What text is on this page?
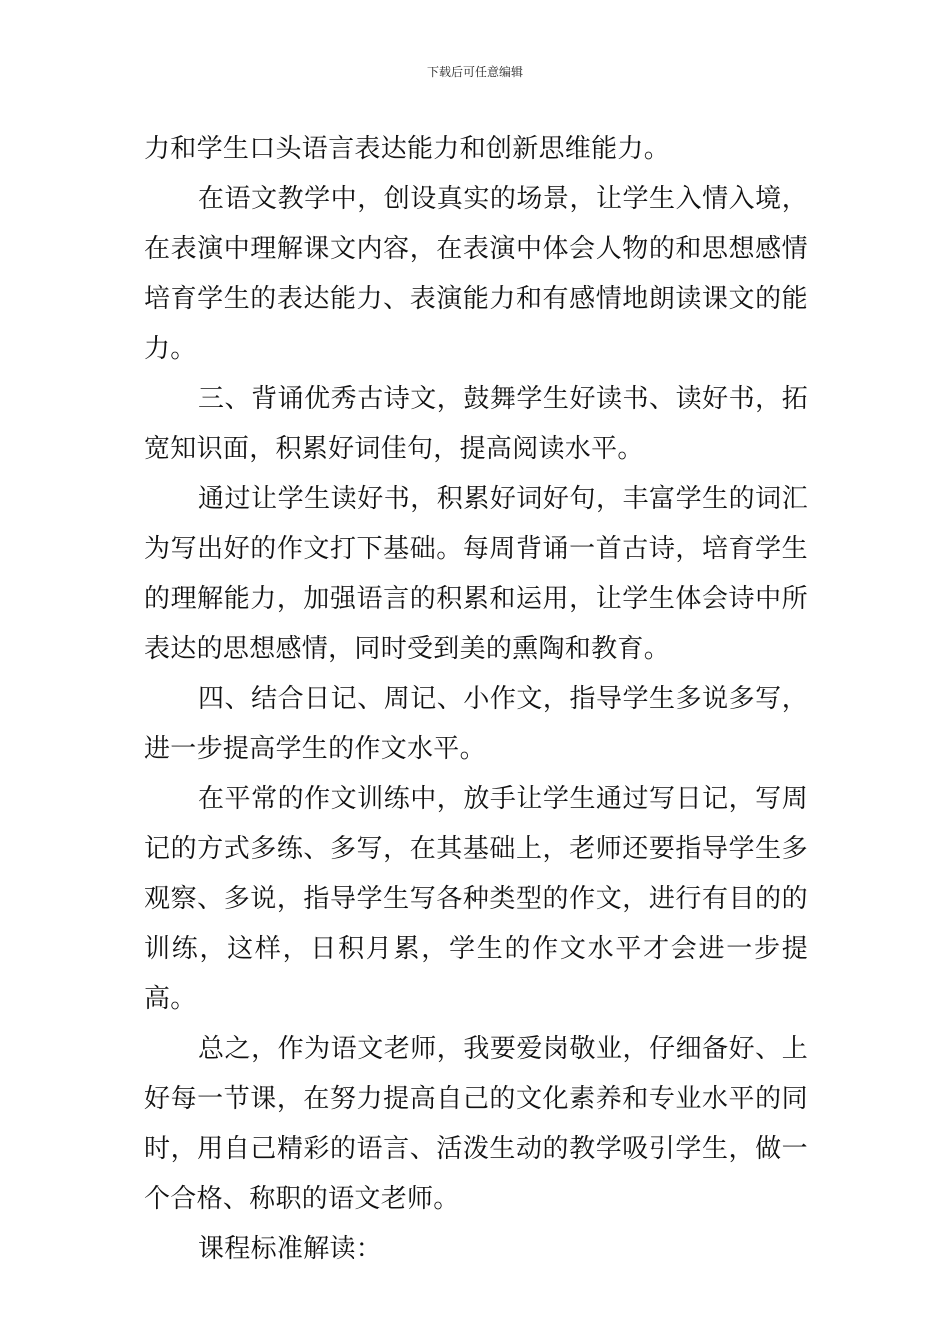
下载后可任意编辑

力和学生口头语言表达能力和创新思维能力。

在语文教学中，创设真实的场景，让学生入情入境，在表演中理解课文内容，在表演中体会人物的和思想感情培育学生的表达能力、表演能力和有感情地朗读课文的能力。

三、背诵优秀古诗文，鼓舞学生好读书、读好书，拓宽知识面，积累好词佳句，提高阅读水平。

通过让学生读好书，积累好词好句，丰富学生的词汇为写出好的作文打下基础。每周背诵一首古诗，培育学生的理解能力，加强语言的积累和运用，让学生体会诗中所表达的思想感情，同时受到美的熏陶和教育。

四、结合日记、周记、小作文，指导学生多说多写，进一步提高学生的作文水平。

在平常的作文训练中，放手让学生通过写日记，写周记的方式多练、多写，在其基础上，老师还要指导学生多观察、多说，指导学生写各种类型的作文，进行有目的的训练，这样，日积月累，学生的作文水平才会进一步提高。

总之，作为语文老师，我要爱岗敬业，仔细备好、上好每一节课，在努力提高自己的文化素养和专业水平的同时，用自己精彩的语言、活泼生动的教学吸引学生，做一个合格、称职的语文老师。

课程标准解读：
